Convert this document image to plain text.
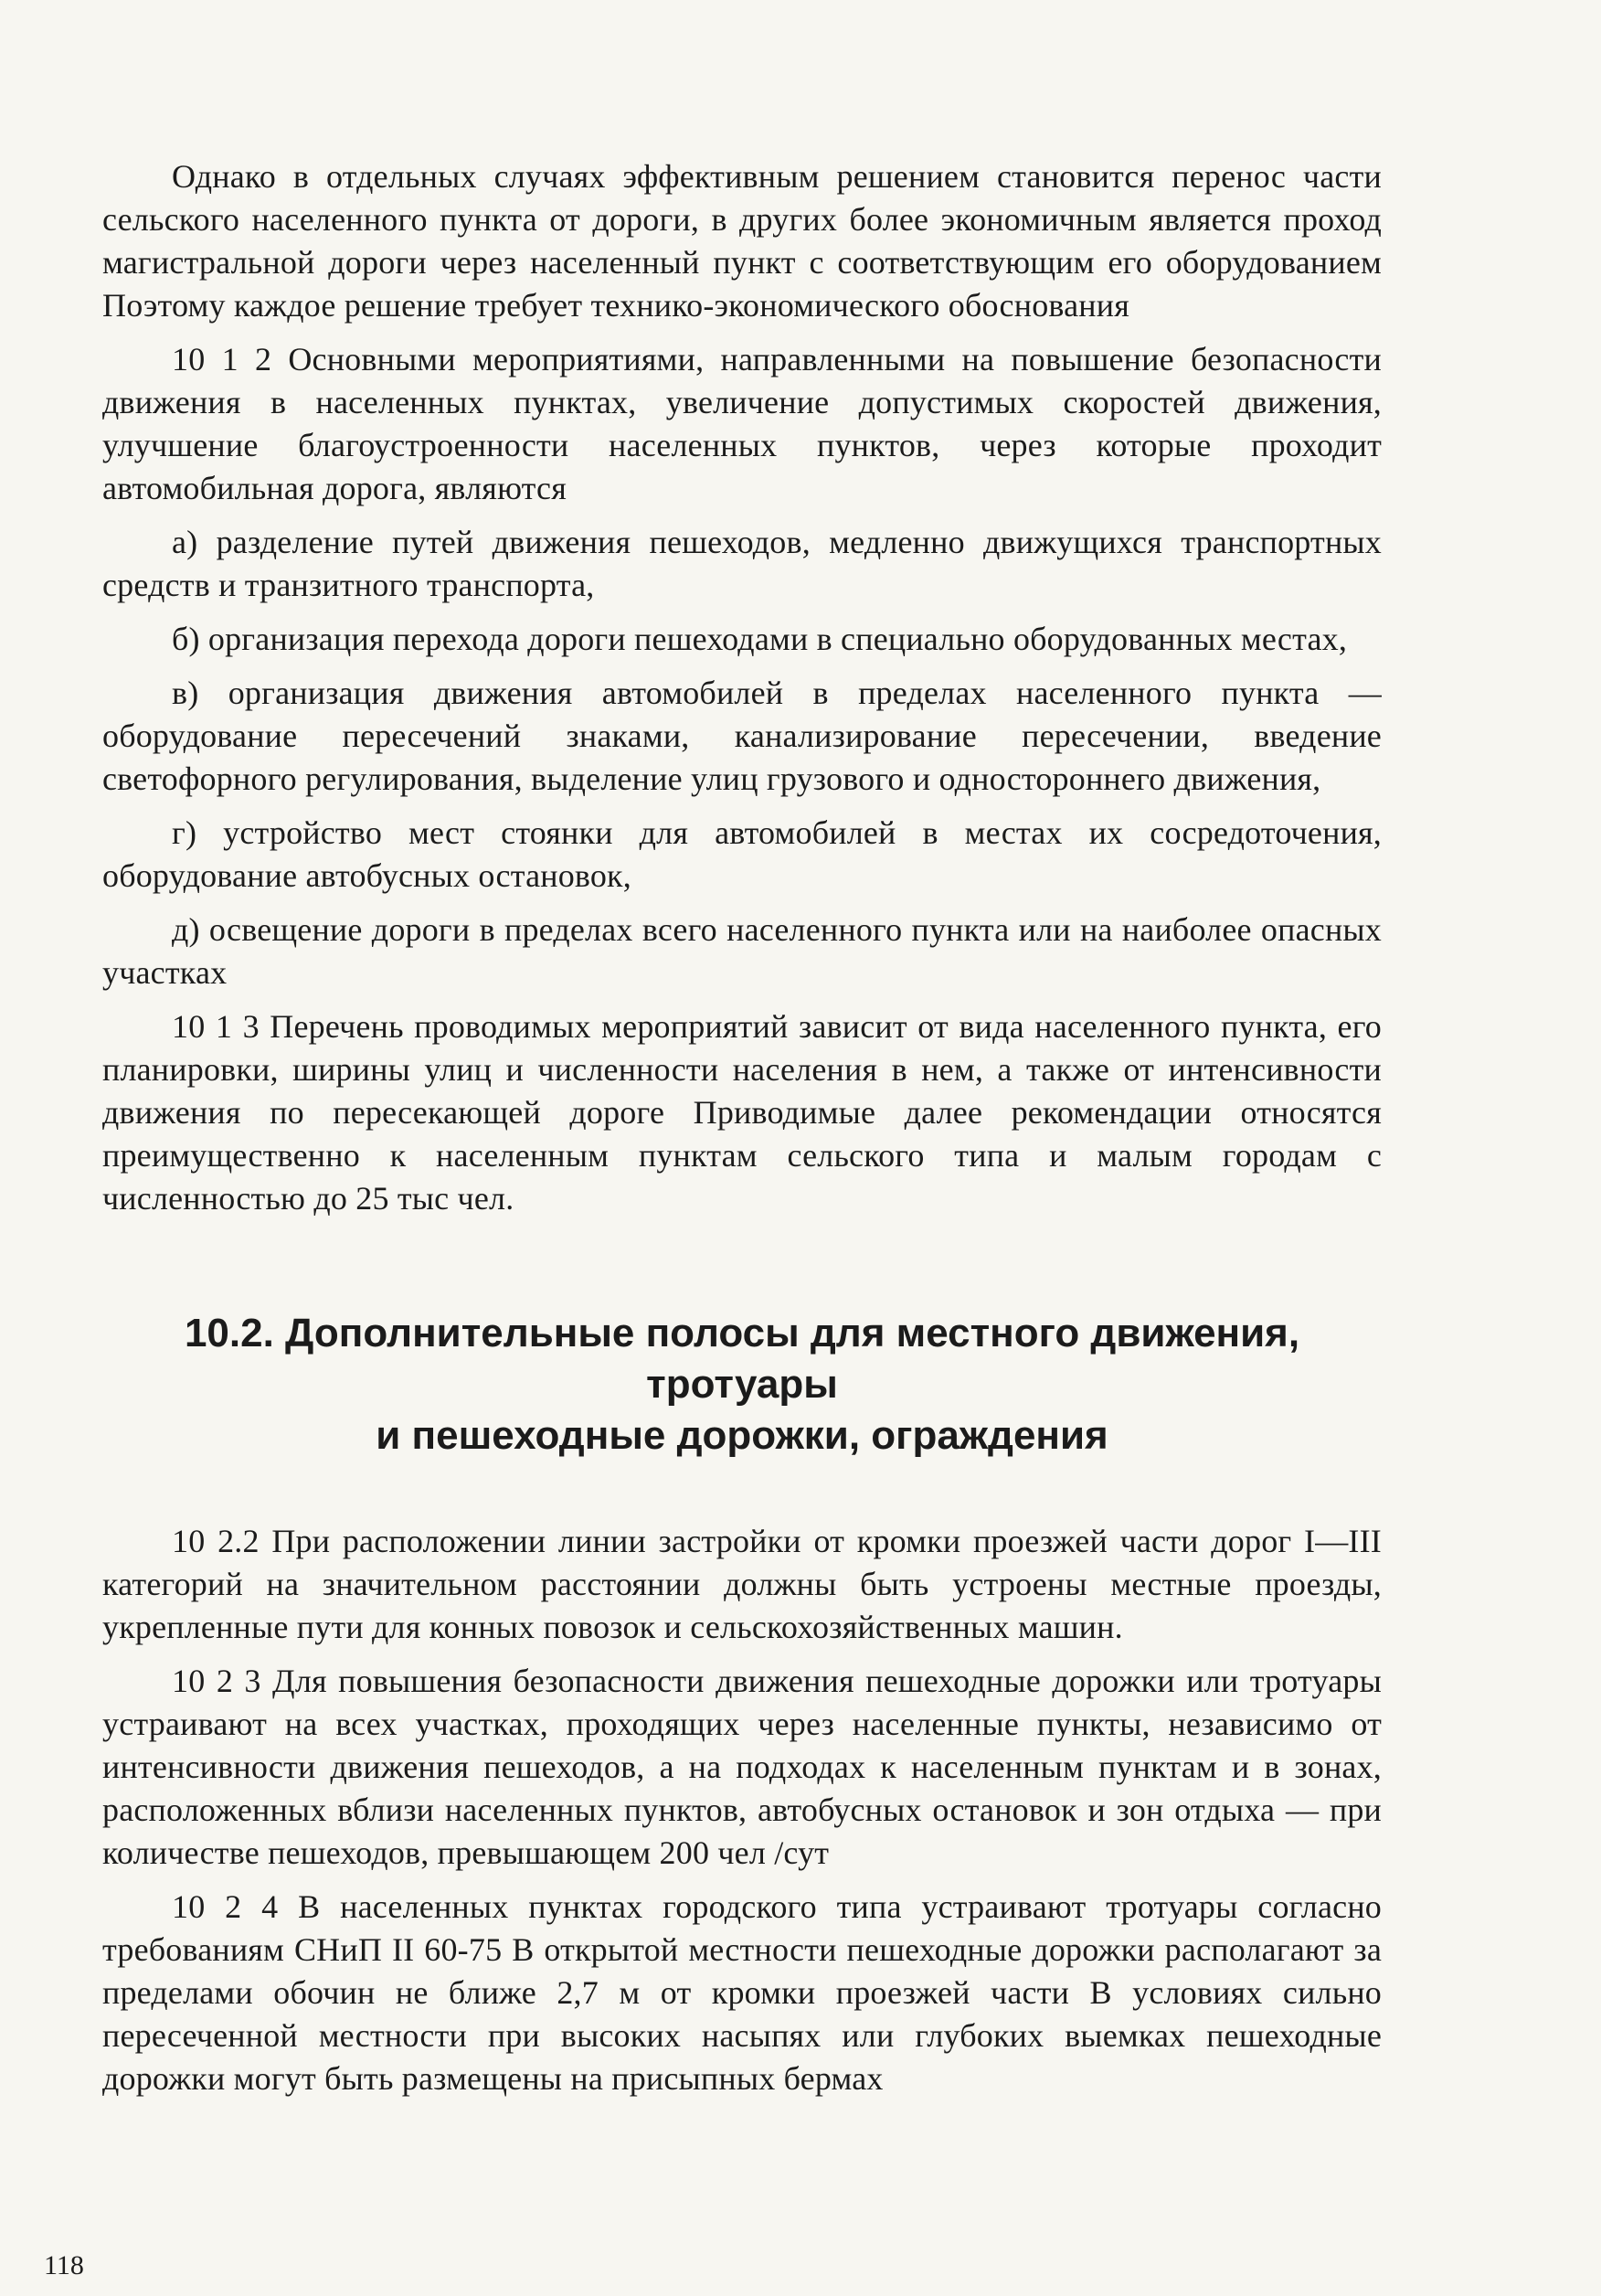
Однако в отдельных случаях эффективным решением становится перенос части сельского населенного пункта от дороги, в других более экономичным является проход магистральной дороги через населенный пункт с соответствующим его оборудованием Поэтому каждое решение требует технико-экономического обоснования

10 1 2 Основными мероприятиями, направленными на повышение безопасности движения в населенных пунктах, увеличение допустимых скоростей движения, улучшение благоустроенности населенных пунктов, через которые проходит автомобильная дорога, являются

а) разделение путей движения пешеходов, медленно движущихся транспортных средств и транзитного транспорта,

б) организация перехода дороги пешеходами в специально оборудованных местах,

в) организация движения автомобилей в пределах населенного пункта — оборудование пересечений знаками, канализирование пересечении, введение светофорного регулирования, выделение улиц грузового и одностороннего движения,

г) устройство мест стоянки для автомобилей в местах их сосредоточения, оборудование автобусных остановок,

д) освещение дороги в пределах всего населенного пункта или на наиболее опасных участках

10 1 3 Перечень проводимых мероприятий зависит от вида населенного пункта, его планировки, ширины улиц и численности населения в нем, а также от интенсивности движения по пересекающей дороге Приводимые далее рекомендации относятся преимущественно к населенным пунктам сельского типа и малым городам с численностью до 25 тыс чел.

10.2. Дополнительные полосы для местного движения, тротуары
и пешеходные дорожки, ограждения

10 2.2 При расположении линии застройки от кромки проезжей части дорог I—III категорий на значительном расстоянии должны быть устроены местные проезды, укрепленные пути для конных повозок и сельскохозяйственных машин.

10 2 3 Для повышения безопасности движения пешеходные дорожки или тротуары устраивают на всех участках, проходящих через населенные пункты, независимо от интенсивности движения пешеходов, а на подходах к населенным пунктам и в зонах, расположенных вблизи населенных пунктов, автобусных остановок и зон отдыха — при количестве пешеходов, превышающем 200 чел /сут

10 2 4 В населенных пунктах городского типа устраивают тротуары согласно требованиям СНиП II 60-75 В открытой местности пешеходные дорожки располагают за пределами обочин не ближе 2,7 м от кромки проезжей части В условиях сильно пересеченной местности при высоких насыпях или глубоких выемках пешеходные дорожки могут быть размещены на присыпных бермах

118
